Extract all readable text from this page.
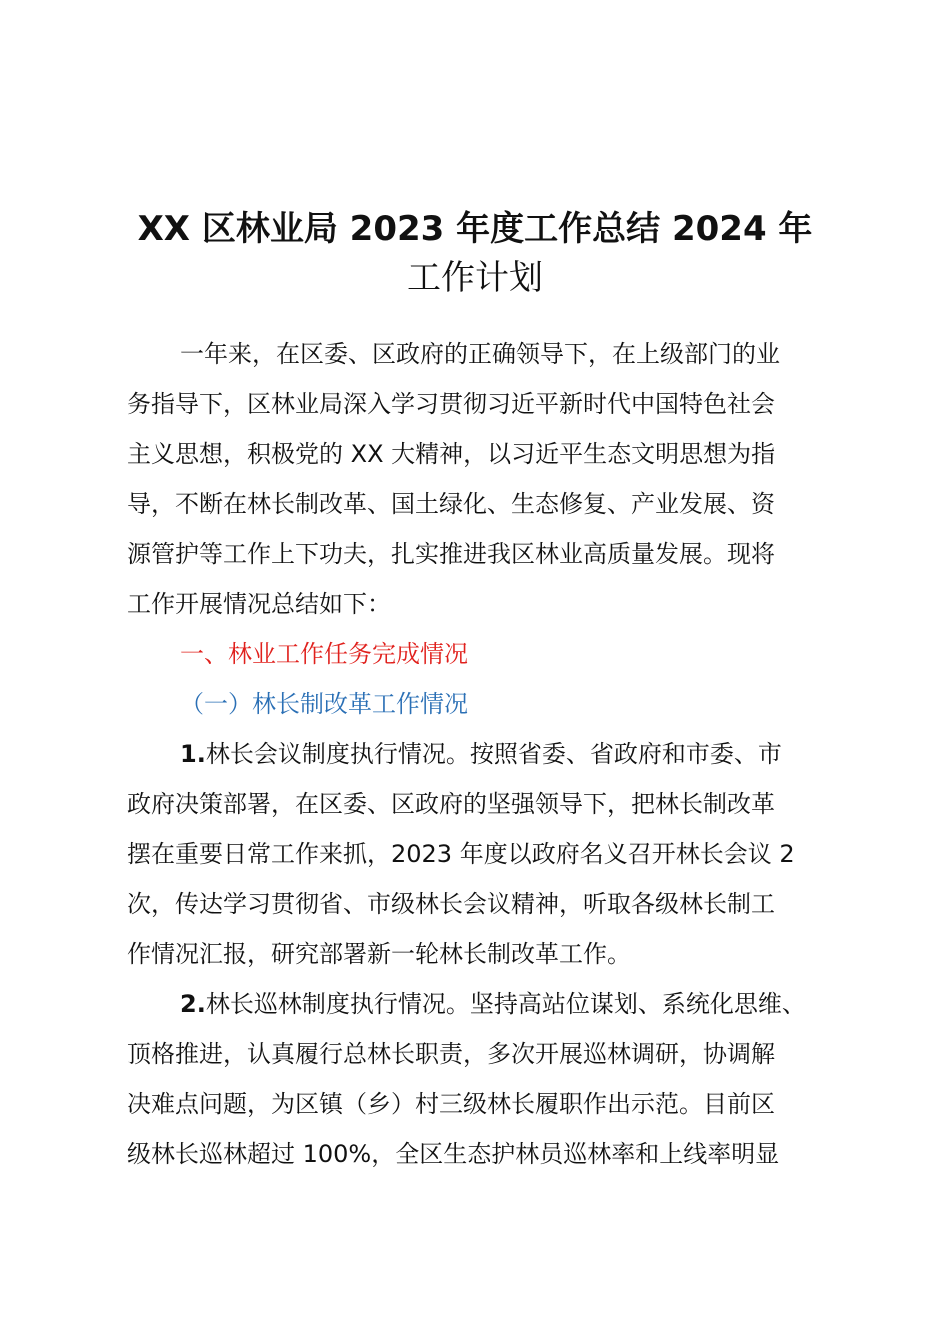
XX 区林业局 2023 年度工作总结 2024 年
工作计划
一年来，在区委、区政府的正确领导下，在上级部门的业
务指导下，区林业局深入学习贯彻习近平新时代中国特色社会
主义思想，积极党的 XX 大精神，以习近平生态文明思想为指
导，不断在林长制改革、国土绿化、生态修复、产业发展、资
源管护等工作上下功夫，扎实推进我区林业高质量发展。现将
工作开展情况总结如下：
一、林业工作任务完成情况
（一）林长制改革工作情况
1.林长会议制度执行情况。按照省委、省政府和市委、市
政府决策部署，在区委、区政府的坚强领导下，把林长制改革
摆在重要日常工作来抓，2023 年度以政府名义召开林长会议 2
次，传达学习贯彻省、市级林长会议精神，听取各级林长制工
作情况汇报，研究部署新一轮林长制改革工作。
2.林长巡林制度执行情况。坚持高站位谋划、系统化思维、
顶格推进，认真履行总林长职责，多次开展巡林调研，协调解
决难点问题，为区镇（乡）村三级林长履职作出示范。目前区
级林长巡林超过 100%，全区生态护林员巡林率和上线率明显
